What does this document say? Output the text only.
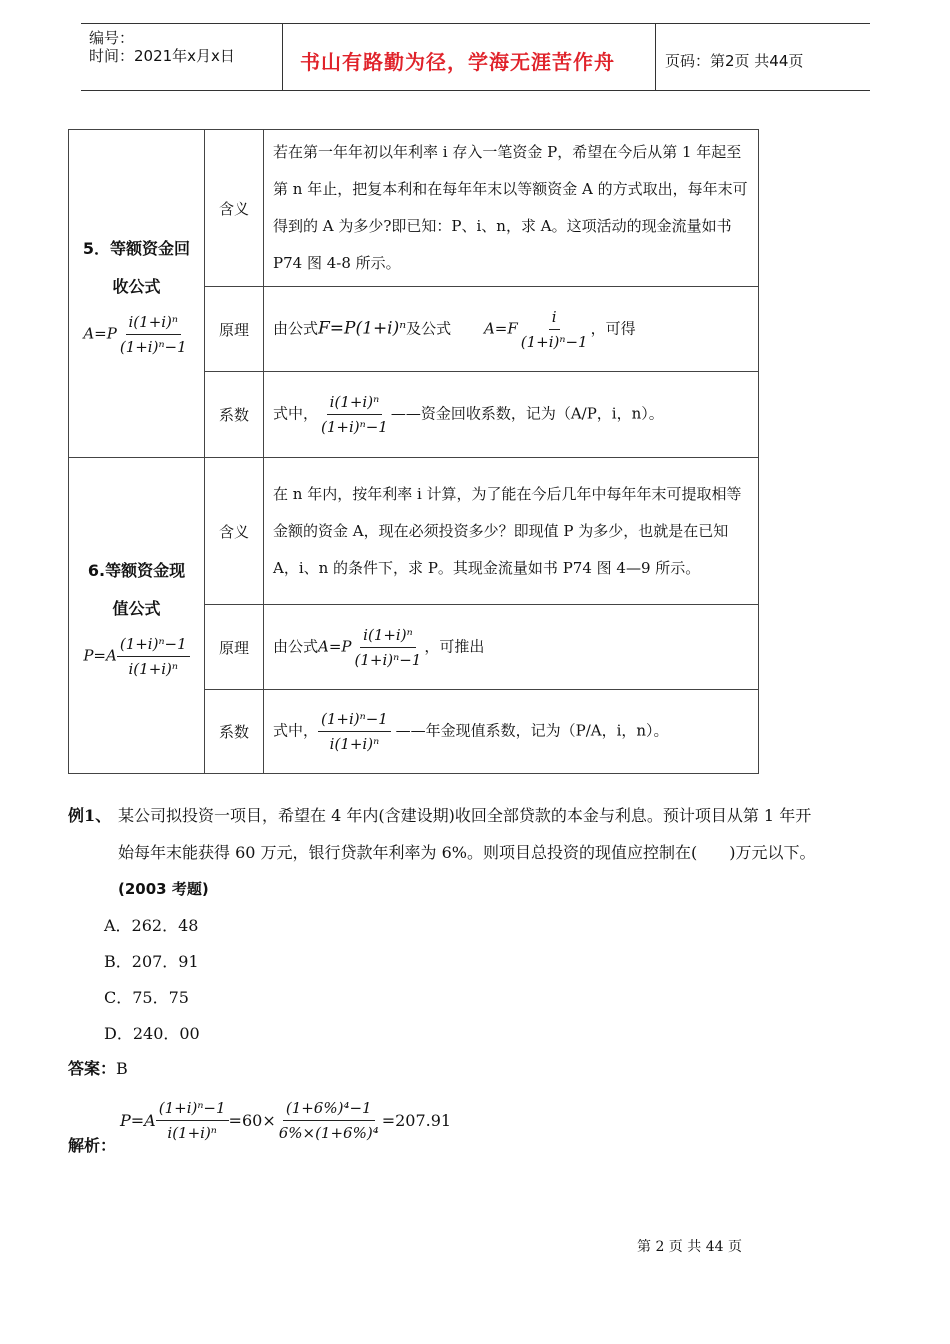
编号：
时间：2021年x月x日	书山有路勤为径，学海无涯苦作舟	页码：第2页 共44页
5．等额资金回
收公式
$A=P \frac{\text{i(1+i)ⁿ}}{\text{(1+i)ⁿ−1}}$	含义	若在第一年年初以年利率 i 存入一笔资金 P，希望在今后从第 1 年起至第 n 年止，把复本利和在每年年末以等额资金 A 的方式取出，每年末可得到的 A 为多少?即已知：P、i、n，求 A。这项活动的现金流量如书 P74 图 4-8 所示。
	原理	由公式F=P(1+i)ⁿ及公式 $A=F \frac{i}{\text{(1+i)ⁿ−1}}$ ，可得
	系数	式中， $\frac{\text{i(1+i)ⁿ}}{\text{(1+i)ⁿ−1}}$ ——资金回收系数，记为（A/P，i，n）。

6.等额资金现
值公式
$P=A \frac{\text{(1+i)ⁿ−1}}{\text{i(1+i)ⁿ}}$	含义	在 n 年内，按年利率 i 计算，为了能在今后几年中每年年末可提取相等金额的资金 A，现在必须投资多少？即现值 P 为多少，也就是在已知 A，i、n 的条件下，求 P。其现金流量如书 P74 图 4—9 所示。
	原理	由公式$A=P \frac{\text{i(1+i)ⁿ}}{\text{(1+i)ⁿ−1}}$ ，可推出
	系数	式中， $\frac{\text{(1+i)ⁿ−1}}{\text{i(1+i)ⁿ}}$ ——年金现值系数，记为（P/A，i，n）。
例1、 某公司拟投资一项目，希望在 4 年内(含建设期)收回全部贷款的本金与利息。预计项目从第 1 年开
始每年末能获得 60 万元，银行贷款年利率为 6%。则项目总投资的现值应控制在(　　)万元以下。
(2003 考题)
A．262．48
B．207．91
C．75．75
D．240．00
答案：B
解析：
$P=A \frac{\text{(1+i)ⁿ−1}}{\text{i(1+i)ⁿ}} =60\times \frac{\text{(1+6\%)⁴−1}}{\text{6\%×(1+6\%)⁴}} =207.91$
第 2 页 共 44 页
